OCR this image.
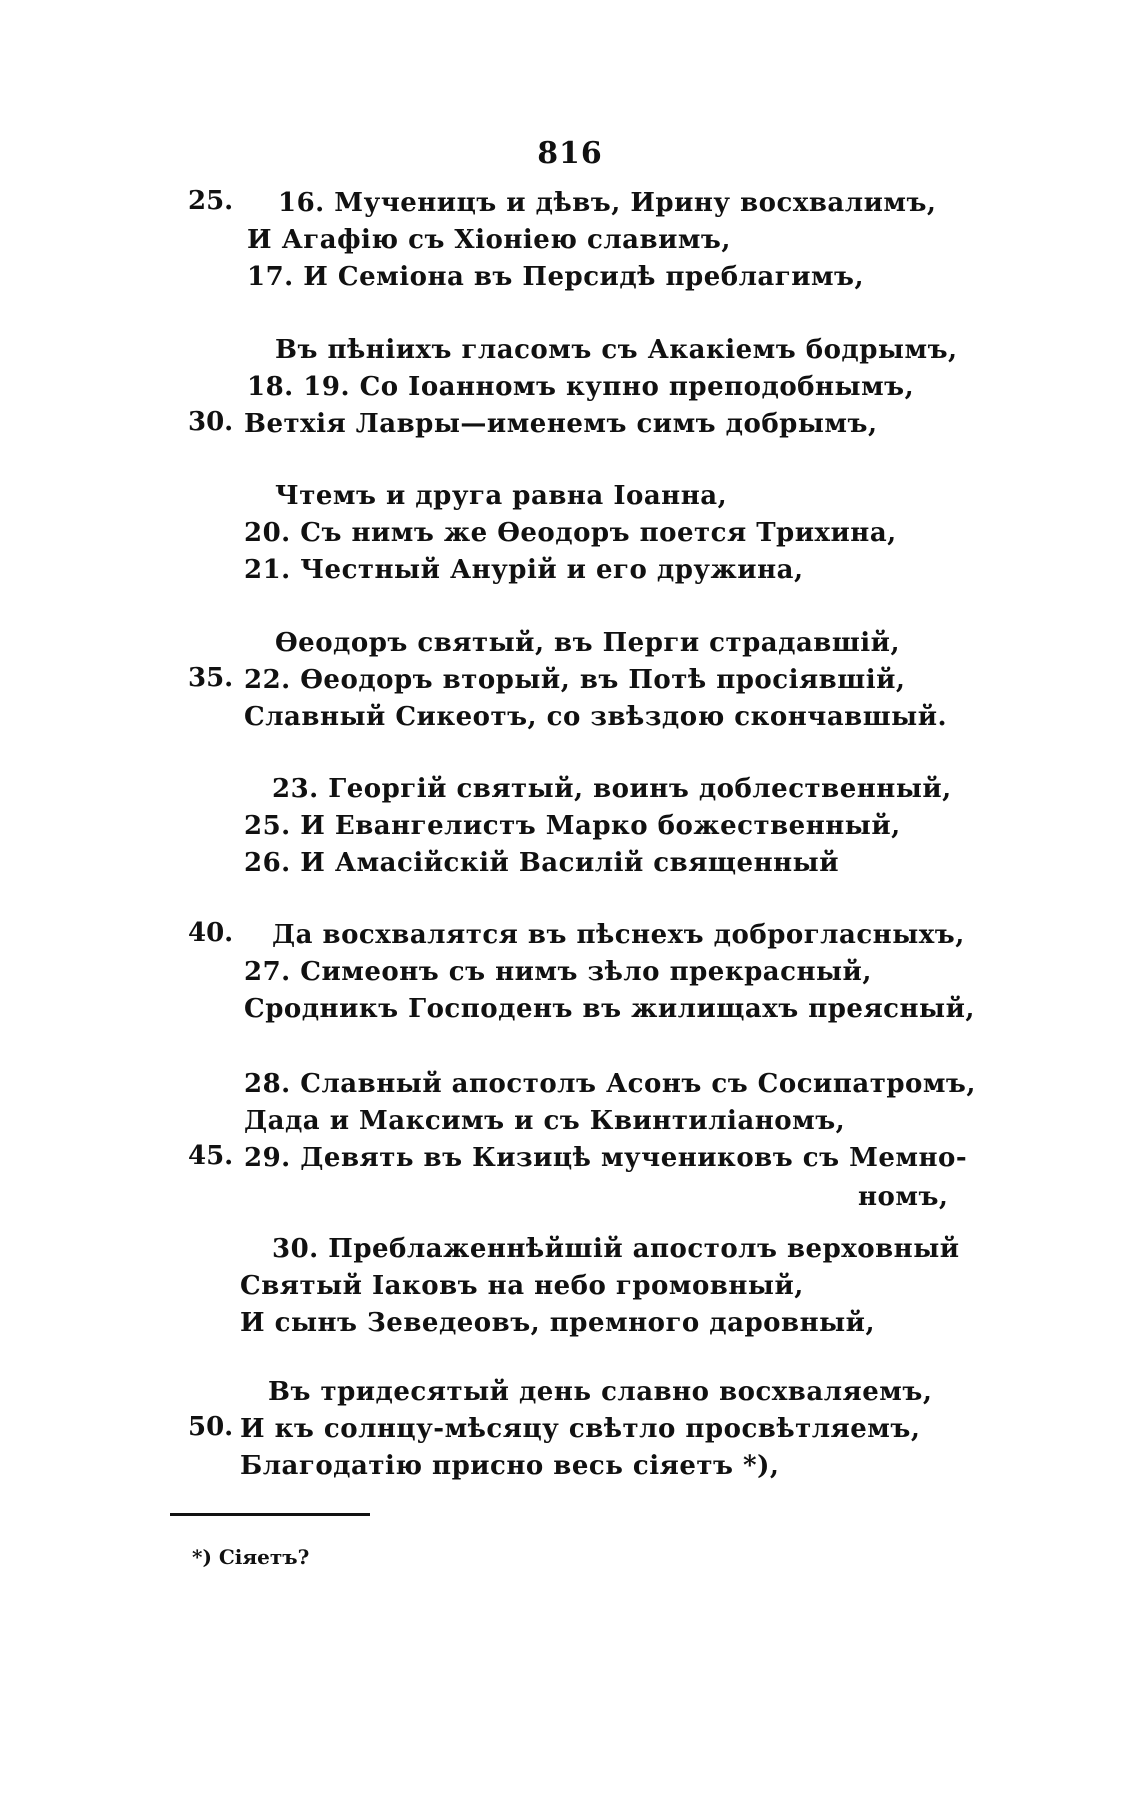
816
25.
30.
35.
40.
45.
50.
16. Мученицъ и дѣвъ, Ирину восхвалимъ,
И Агафію съ Хіоніею славимъ,
17. И Семіона въ Персидѣ преблагимъ,
Въ пѣніихъ гласомъ съ Акакіемъ бодрымъ,
18. 19. Со Іоанномъ купно преподобнымъ,
Ветхія Лавры—именемъ симъ добрымъ,
Чтемъ и друга равна Іоанна,
20. Съ нимъ же Ѳеодоръ поется Трихина,
21. Честный Анурій и его дружина,
Ѳеодоръ святый, въ Перги страдавшій,
22. Ѳеодоръ вторый, въ Потѣ просіявшій,
Славный Сикеотъ, со звѣздою скончавшый.
23. Георгій святый, воинъ доблественный,
25. И Евангелистъ Марко божественный,
26. И Амасійскій Василій священный
Да восхвалятся въ пѣснехъ доброгласныхъ,
27. Симеонъ съ нимъ зѣло прекрасный,
Сродникъ Господенъ въ жилищахъ преясный,
28. Славный апостолъ Асонъ съ Сосипатромъ,
Дада и Максимъ и съ Квинтиліаномъ,
29. Девять въ Кизицѣ мучениковъ съ Мемно-
номъ,
30. Преблаженнѣйшій апостолъ верховный
Святый Іаковъ на небо громовный,
И сынъ Зеведеовъ, премного даровный,
Въ тридесятый день славно восхваляемъ,
И къ солнцу-мѣсяцу свѣтло просвѣтляемъ,
Благодатію присно весь сіяетъ *),
*) Сіяетъ?
